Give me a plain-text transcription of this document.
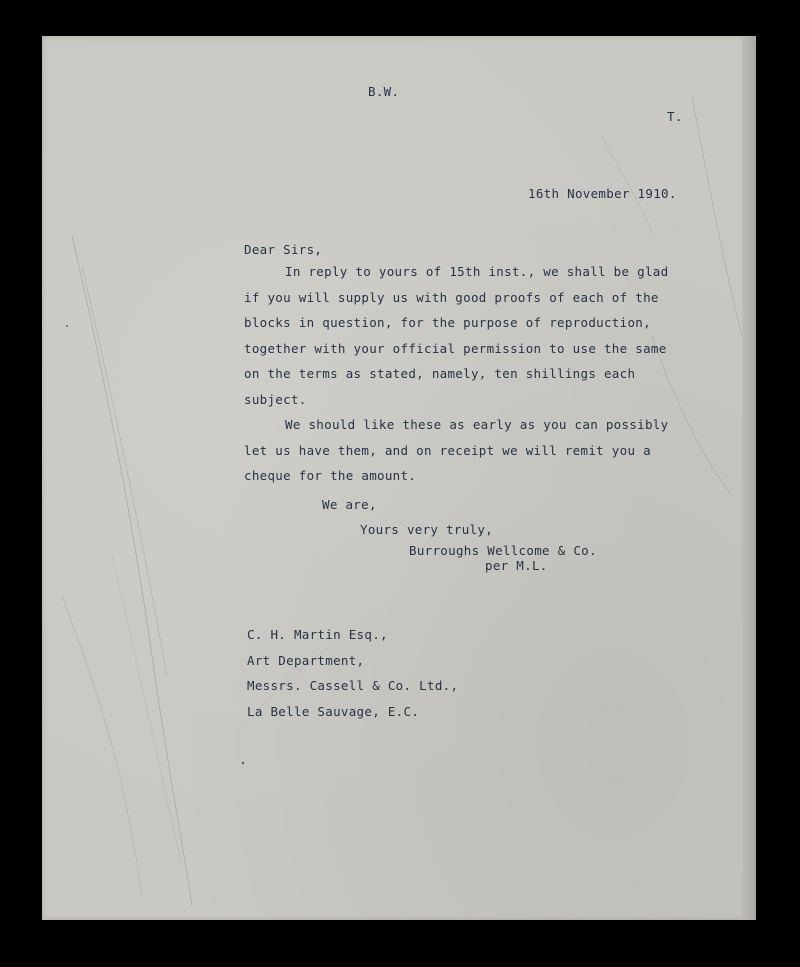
B.W.

T.

16th November 1910.

Dear Sirs,

In reply to yours of 15th inst., we shall be glad

if you will supply us with good proofs of each of the

blocks in question, for the purpose of reproduction,

together with your official permission to use the same

on the terms as stated, namely, ten shillings each

subject.

We should like these as early as you can possibly

let us have them, and on receipt we will remit you a

cheque for the amount.

We are,

Yours very truly,

Burroughs Wellcome & Co.

per M.L.

C. H. Martin Esq.,

Art Department,

Messrs. Cassell & Co. Ltd.,

La Belle Sauvage, E.C.
